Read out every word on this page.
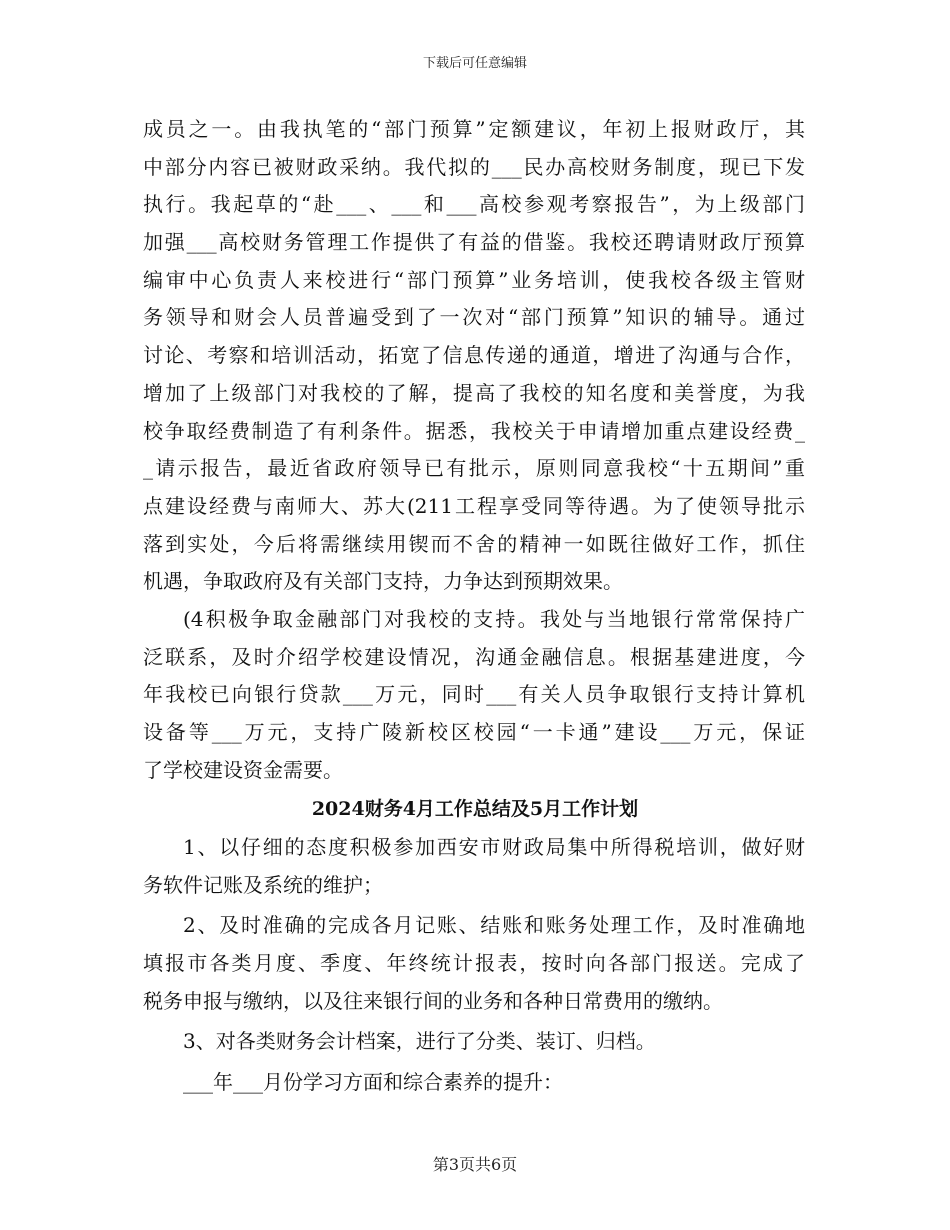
下载后可任意编辑
成员之一。由我执笔的“部门预算”定额建议，年初上报财政厅，其
中部分内容已被财政采纳。我代拟的___民办高校财务制度，现已下发
执行。我起草的“赴___、___和___高校参观考察报告”，为上级部门
加强___高校财务管理工作提供了有益的借鉴。我校还聘请财政厅预算
编审中心负责人来校进行“部门预算”业务培训，使我校各级主管财
务领导和财会人员普遍受到了一次对“部门预算”知识的辅导。通过
讨论、考察和培训活动，拓宽了信息传递的通道，增进了沟通与合作，
增加了上级部门对我校的了解，提高了我校的知名度和美誉度，为我
校争取经费制造了有利条件。据悉，我校关于申请增加重点建设经费_
_请示报告，最近省政府领导已有批示，原则同意我校“十五期间”重
点建设经费与南师大、苏大(211工程享受同等待遇。为了使领导批示
落到实处，今后将需继续用锲而不舍的精神一如既往做好工作，抓住
机遇，争取政府及有关部门支持，力争达到预期效果。
(4积极争取金融部门对我校的支持。我处与当地银行常常保持广
泛联系，及时介绍学校建设情况，沟通金融信息。根据基建进度，今
年我校已向银行贷款___万元，同时___有关人员争取银行支持计算机
设备等___万元，支持广陵新校区校园“一卡通”建设___万元，保证
了学校建设资金需要。
2024财务4月工作总结及5月工作计划
1、以仔细的态度积极参加西安市财政局集中所得税培训，做好财
务软件记账及系统的维护；
2、及时准确的完成各月记账、结账和账务处理工作，及时准确地
填报市各类月度、季度、年终统计报表，按时向各部门报送。完成了
税务申报与缴纳，以及往来银行间的业务和各种日常费用的缴纳。
3、对各类财务会计档案，进行了分类、装订、归档。
___年___月份学习方面和综合素养的提升：
第3页共6页
